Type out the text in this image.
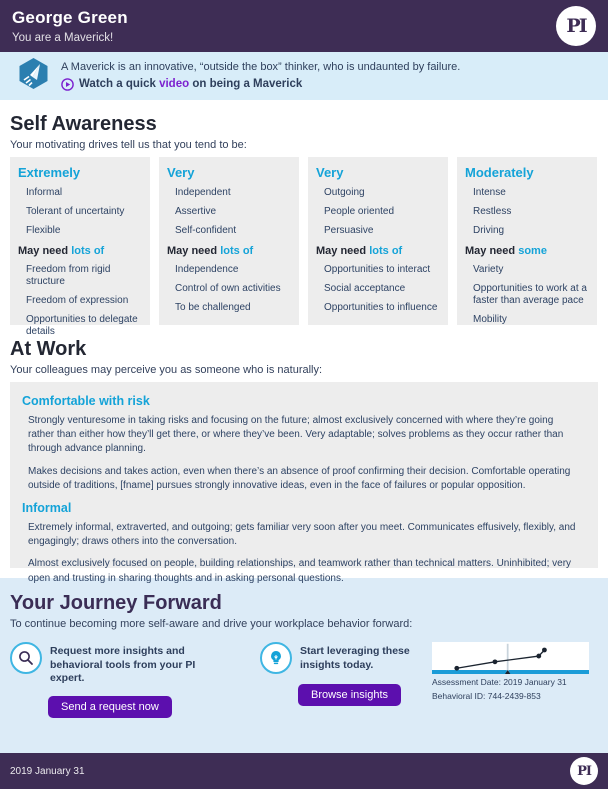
George Green
You are a Maverick!
PI
A Maverick is an innovative, “outside the box” thinker, who is undaunted by failure.
Watch a quick video on being a Maverick
Self Awareness
Your motivating drives tell us that you tend to be:
Extremely
Informal
Tolerant of uncertainty
Flexible
May need lots of
Freedom from rigid structure
Freedom of expression
Opportunities to delegate details
Very
Independent
Assertive
Self-confident
May need lots of
Independence
Control of own activities
To be challenged
Very
Outgoing
People oriented
Persuasive
May need lots of
Opportunities to interact
Social acceptance
Opportunities to influence
Moderately
Intense
Restless
Driving
May need some
Variety
Opportunities to work at a faster than average pace
Mobility
At Work
Your colleagues may perceive you as someone who is naturally:
Comfortable with risk
Strongly venturesome in taking risks and focusing on the future; almost exclusively concerned with where they’re going rather than either how they’ll get there, or where they’ve been. Very adaptable; solves problems as they occur rather than through advance planning.
Makes decisions and takes action, even when there’s an absence of proof confirming their decision. Comfortable operating outside of traditions, [fname] pursues strongly innovative ideas, even in the face of failures or popular opposition.
Informal
Extremely informal, extraverted, and outgoing; gets familiar very soon after you meet. Communicates effusively, flexibly, and engagingly; draws others into the conversation.
Almost exclusively focused on people, building relationships, and teamwork rather than technical matters. Uninhibited; very open and trusting in sharing thoughts and in asking personal questions.
Your Journey Forward
To continue becoming more self-aware and drive your workplace behavior forward:
Request more insights and behavioral tools from your PI expert.
Send a request now
Start leveraging these insights today.
Browse insights
Assessment Date: 2019 January 31
Behavioral ID: 744-2439-853
2019 January 31	PI
